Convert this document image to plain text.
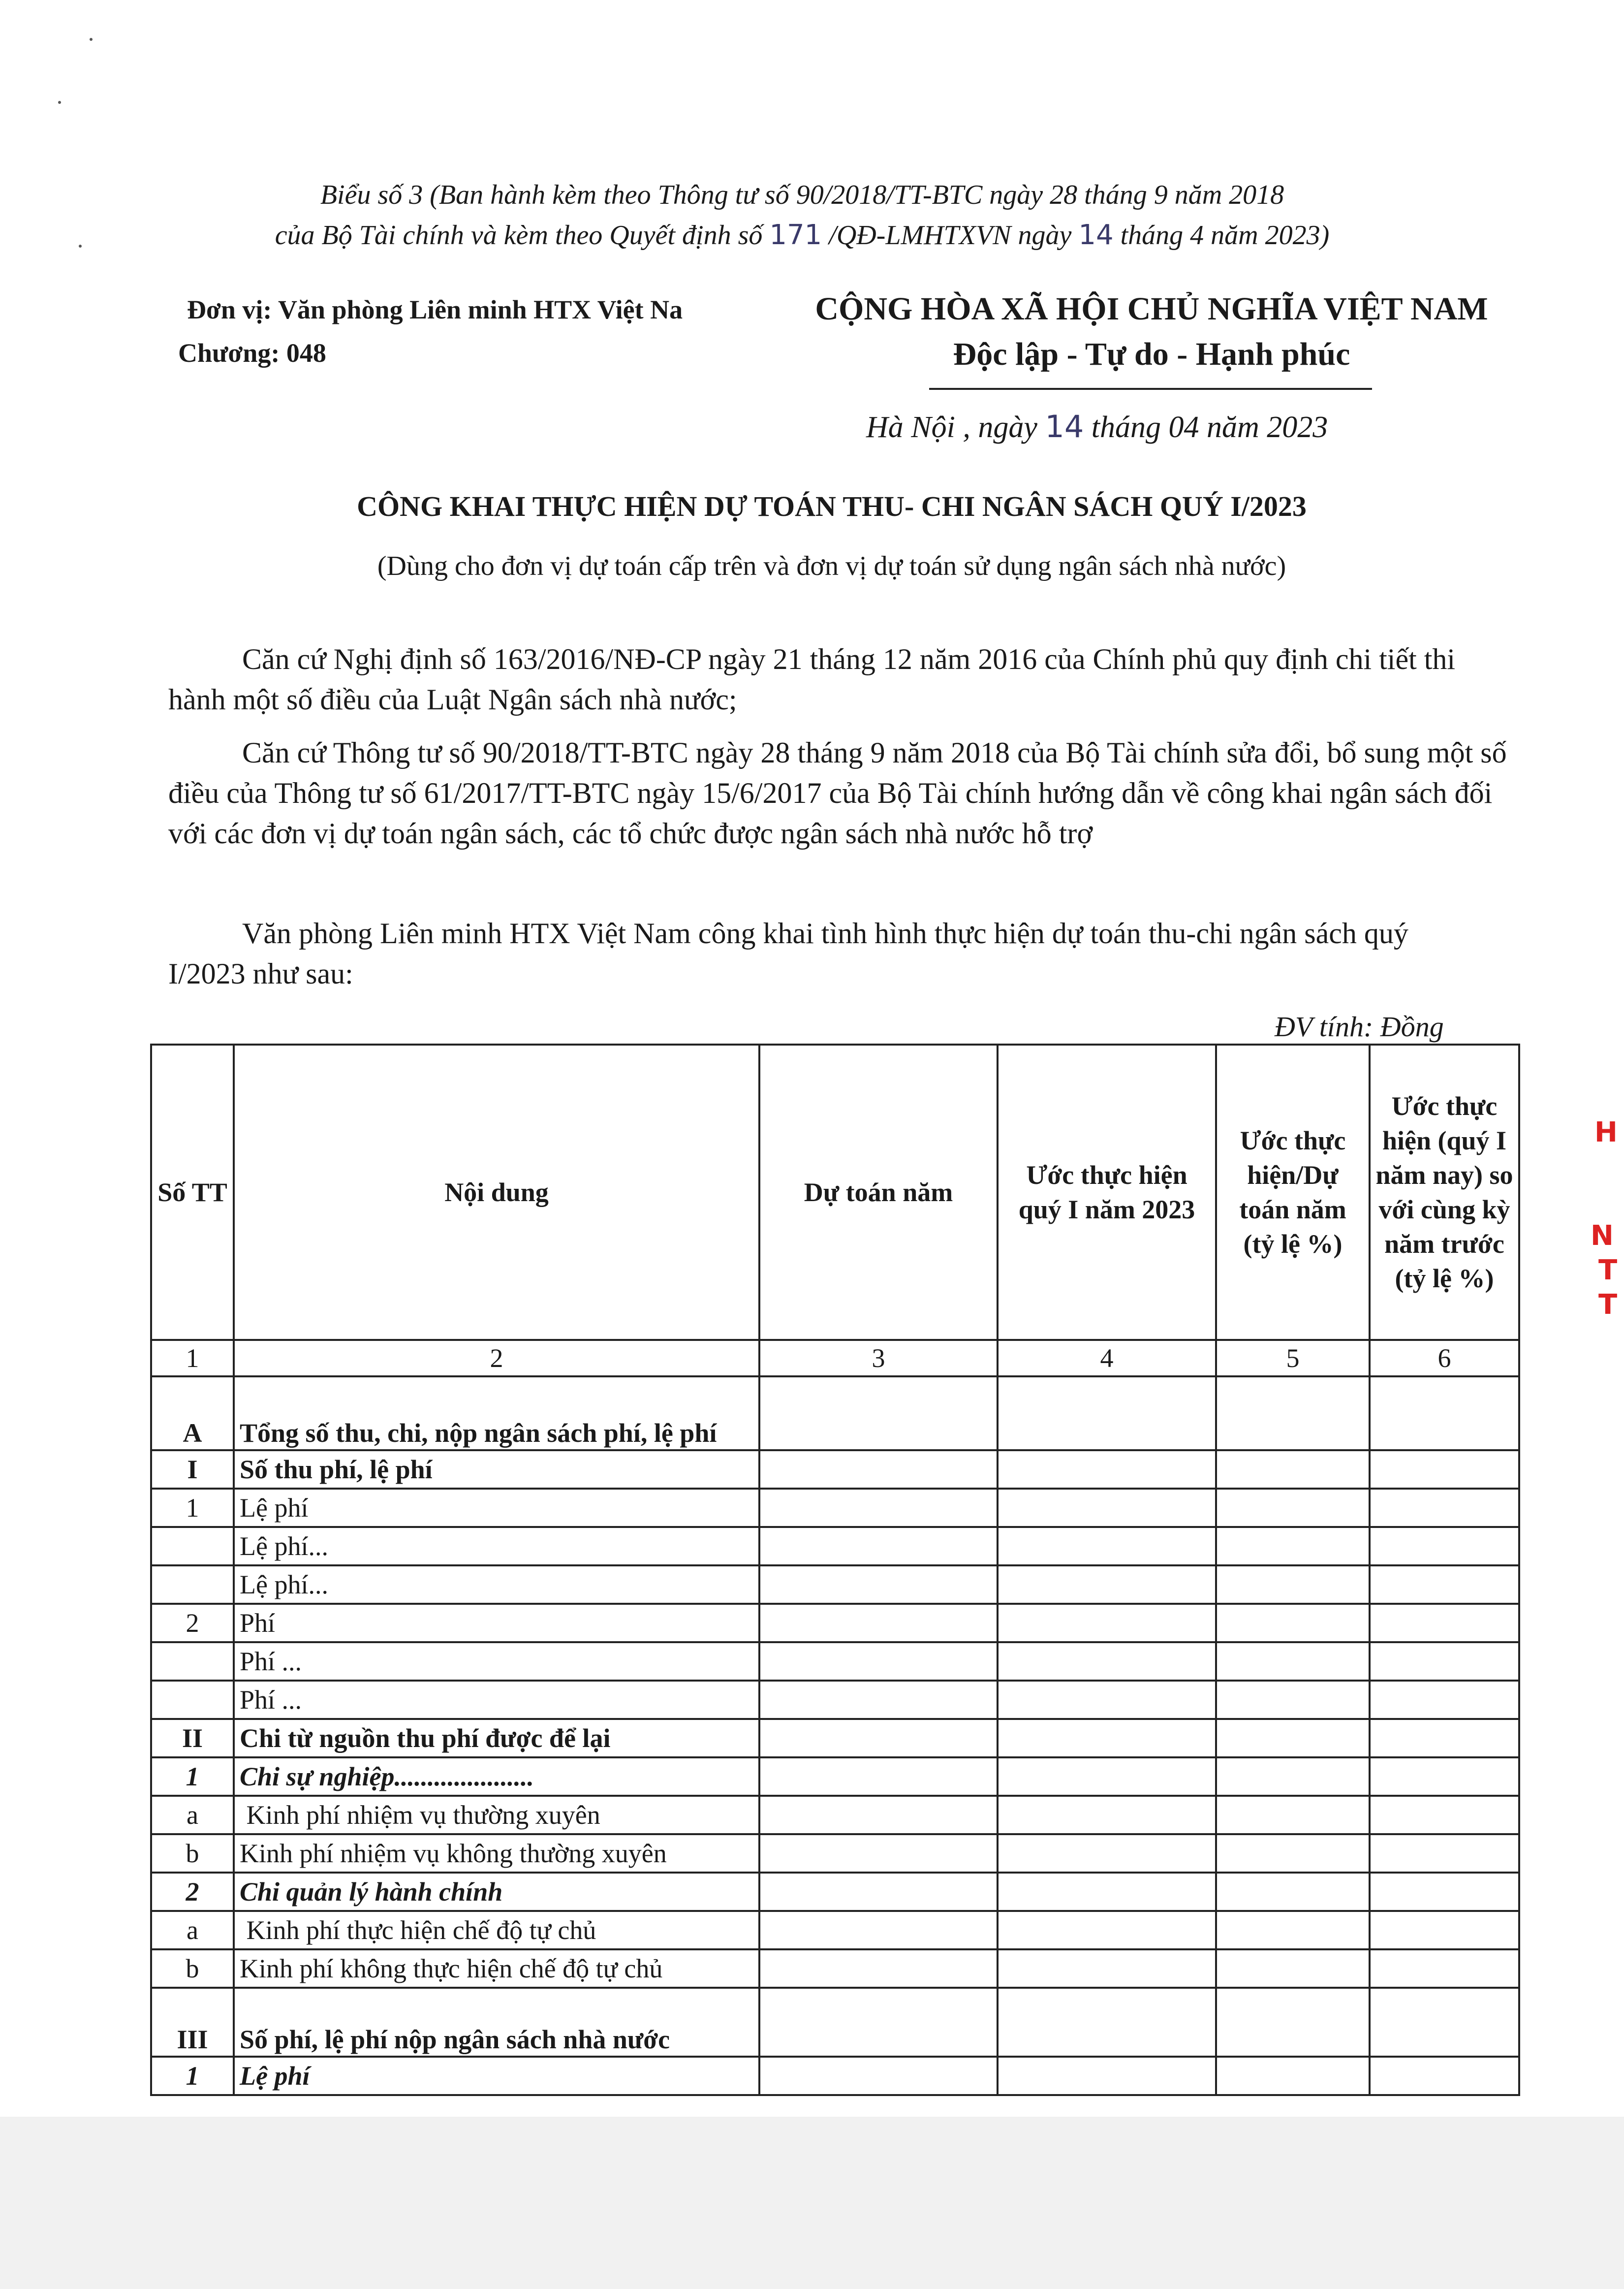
Biểu số 3 (Ban hành kèm theo Thông tư số 90/2018/TT-BTC ngày 28 tháng 9 năm 2018
của Bộ Tài chính và kèm theo Quyết định số 171 /QĐ-LMHTXVN ngày 14 tháng 4 năm 2023)
Đơn vị: Văn phòng Liên minh HTX Việt Na
Chương: 048
CỘNG HÒA XÃ HỘI CHỦ NGHĨA VIỆT NAM
Độc lập - Tự do - Hạnh phúc
Hà Nội , ngày 14 tháng 04 năm 2023
CÔNG KHAI THỰC HIỆN DỰ TOÁN THU- CHI NGÂN SÁCH QUÝ I/2023
(Dùng cho đơn vị dự toán cấp trên và đơn vị dự toán sử dụng ngân sách nhà nước)
Căn cứ Nghị định số 163/2016/NĐ-CP ngày 21 tháng 12 năm 2016 của Chính phủ quy định chi tiết thi hành một số điều của Luật Ngân sách nhà nước;
Căn cứ Thông tư số 90/2018/TT-BTC ngày 28 tháng 9 năm 2018 của Bộ Tài chính sửa đổi, bổ sung một số điều của Thông tư số 61/2017/TT-BTC ngày 15/6/2017 của Bộ Tài chính hướng dẫn về công khai ngân sách đối với các đơn vị dự toán ngân sách, các tổ chức được ngân sách nhà nước hỗ trợ
Văn phòng Liên minh HTX Việt Nam công khai tình hình thực hiện dự toán thu-chi ngân sách quý I/2023 như sau:
ĐV tính: Đồng
Số TT	Nội dung	Dự toán năm	Ước thực hiện quý I năm 2023	Ước thực hiện/Dự toán năm (tỷ lệ %)	Ước thực hiện (quý I năm nay) so với cùng kỳ năm trước (tỷ lệ %)
1	2	3	4	5	6
A	Tổng số thu, chi, nộp ngân sách phí, lệ phí				
I	Số thu phí, lệ phí				
1	Lệ phí				
	Lệ phí...				
	Lệ phí...				
2	Phí				
	Phí ...				
	Phí ...				
II	Chi từ nguồn thu phí được để lại				
1	Chi sự nghiệp.....................				
a	Kinh phí nhiệm vụ thường xuyên				
b	Kinh phí nhiệm vụ không thường xuyên				
2	Chi quản lý hành chính				
a	Kinh phí thực hiện chế độ tự chủ				
b	Kinh phí không thực hiện chế độ tự chủ				
III	Số phí, lệ phí nộp ngân sách nhà nước				
1	Lệ phí				
H
N
T
T
